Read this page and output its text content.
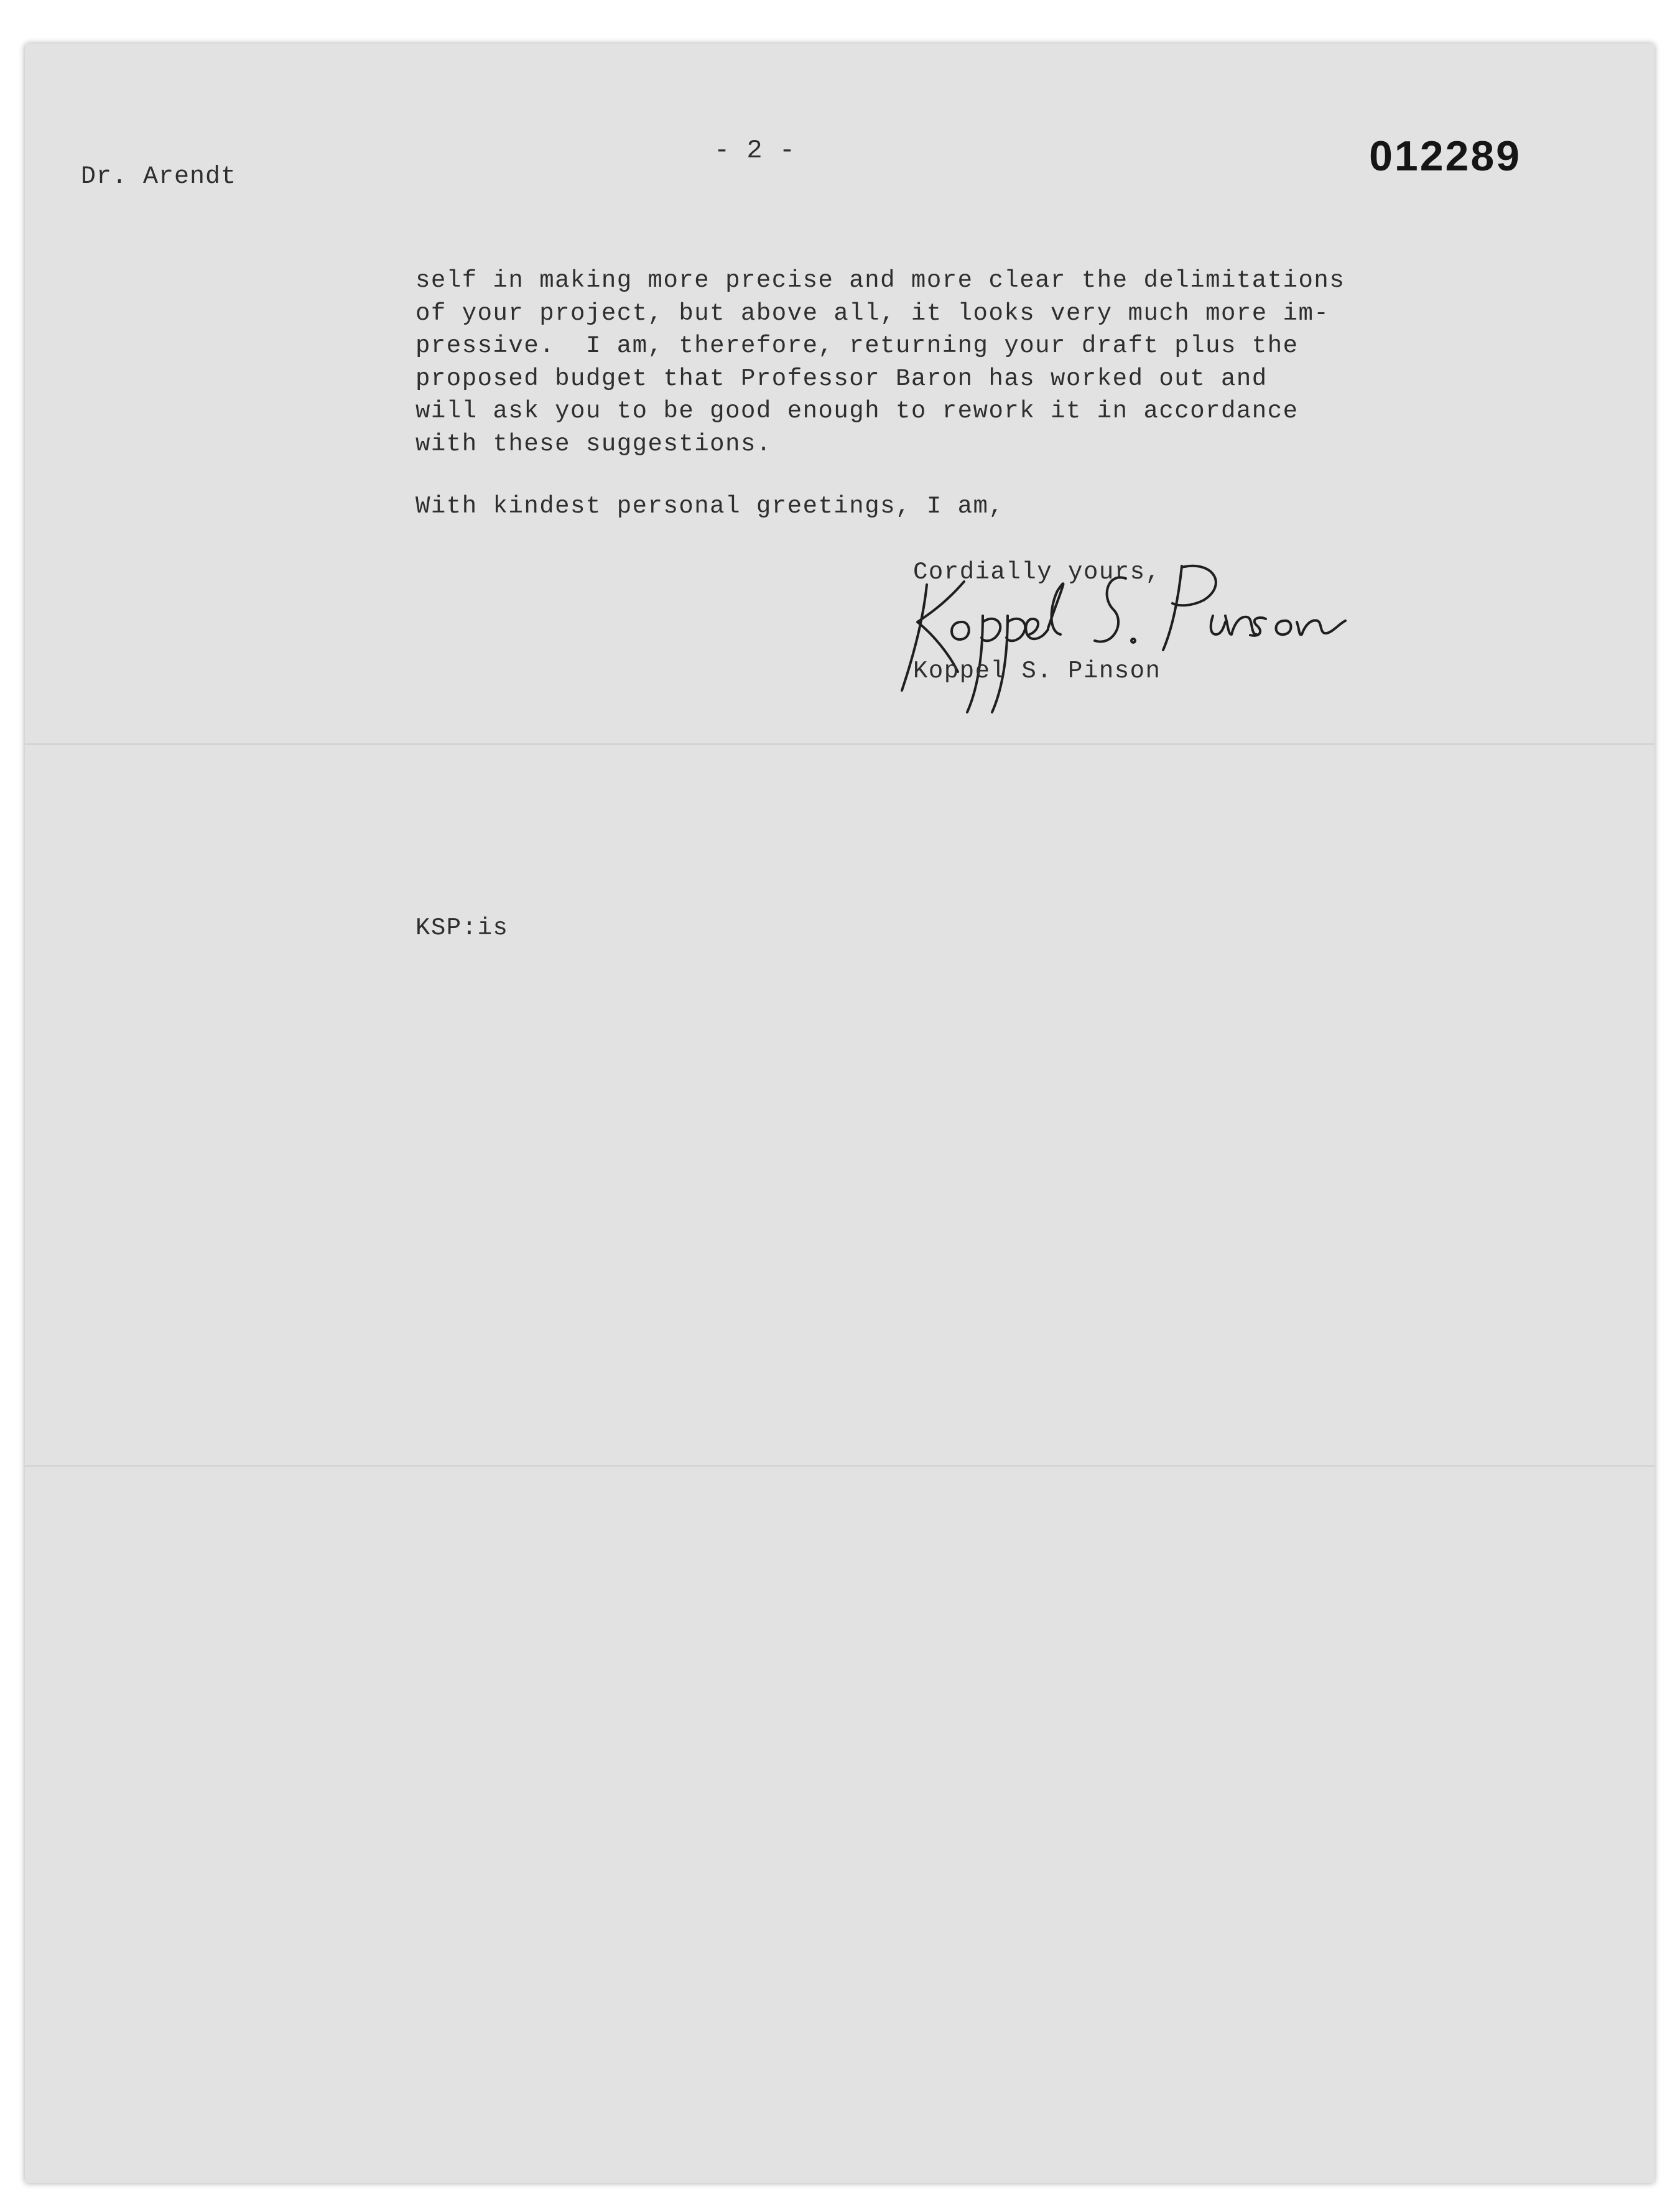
Dr. Arendt
- 2 -	012289
self in making more precise and more clear the delimitations
of your project, but above all, it looks very much more im-
pressive.  I am, therefore, returning your draft plus the
proposed budget that Professor Baron has worked out and
will ask you to be good enough to rework it in accordance
with these suggestions.
With kindest personal greetings, I am,
Cordially yours,
Koppel S. Pinson
KSP:is
